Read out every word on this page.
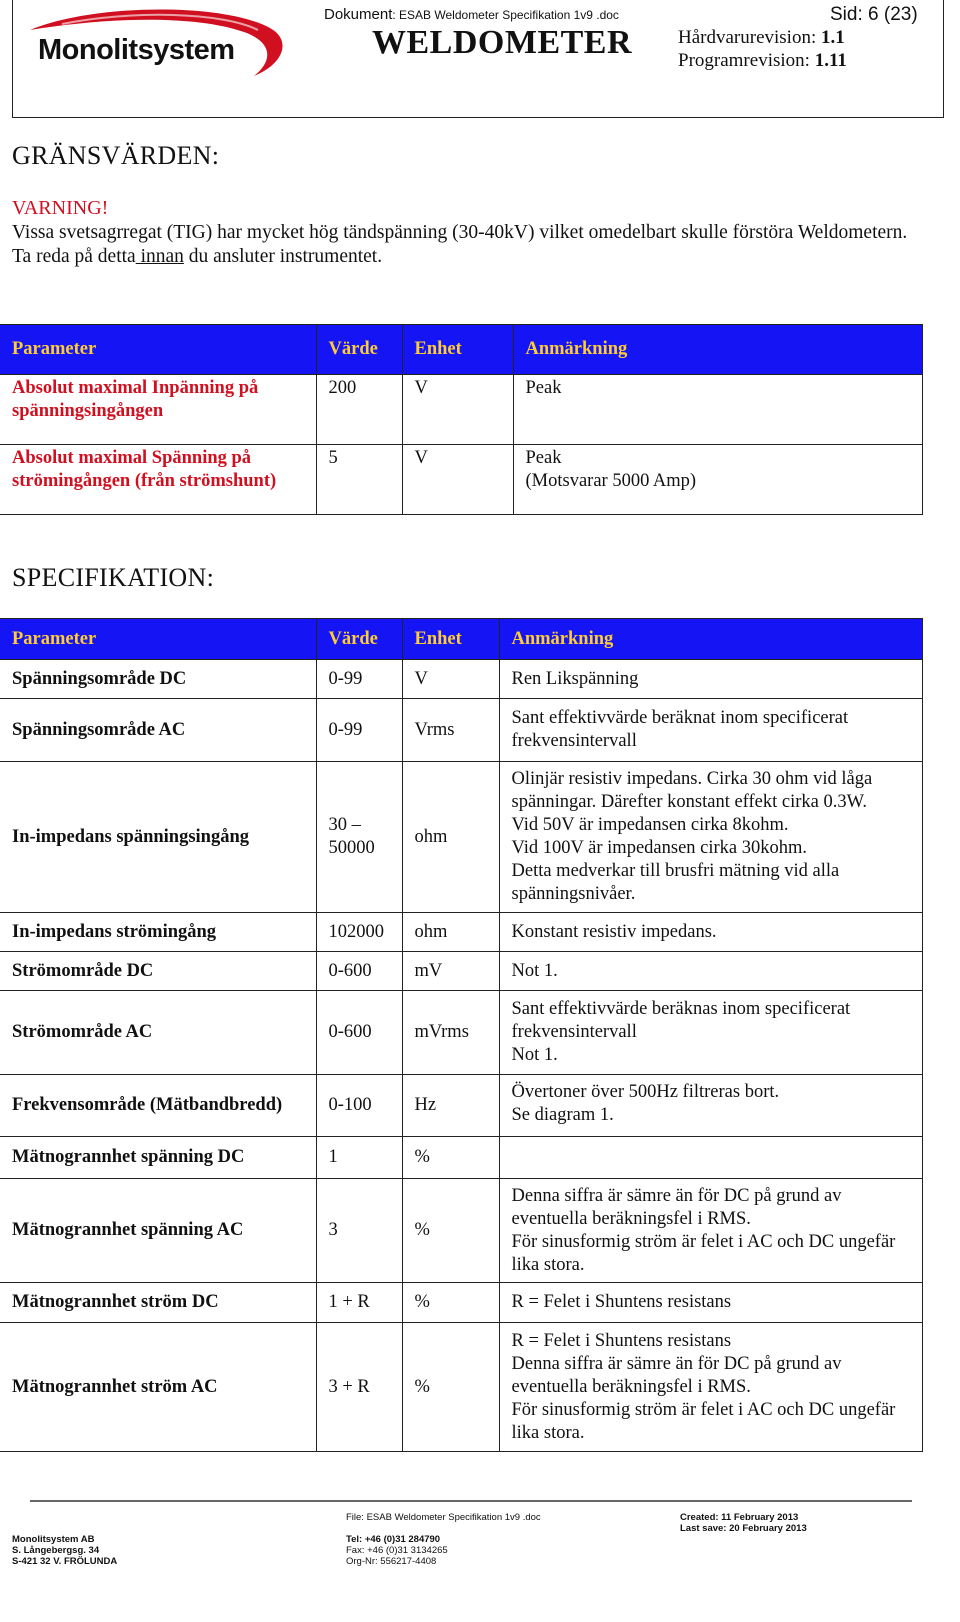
Monolitsystem
Dokument: ESAB Weldometer Specifikation 1v9 .doc
WELDOMETER
Sid: 6 (23)
Hårdvarurevision: 1.1
Programrevision: 1.11
GRÄNSVÄRDEN:
VARNING!
Vissa svetsagrregat (TIG) har mycket hög tändspänning (30-40kV) vilket omedelbart skulle förstöra Weldometern. Ta reda på detta innan du ansluter instrumentet.
Parameter	Värde	Enhet	Anmärkning
Absolut maximal Inpänning på spänningsingången	200	V	Peak
Absolut maximal Spänning på strömingången (från strömshunt)	5	V	Peak
(Motsvarar 5000 Amp)
SPECIFIKATION:
Parameter	Värde	Enhet	Anmärkning
Spänningsområde DC	0-99	V	Ren Likspänning
Spänningsområde AC	0-99	Vrms	Sant effektivvärde beräknat inom specificerat frekvensintervall
In-impedans spänningsingång	30 –
50000	ohm	Olinjär resistiv impedans. Cirka 30 ohm vid låga spänningar. Därefter konstant effekt cirka 0.3W.
Vid 50V är impedansen cirka 8kohm.
Vid 100V är impedansen cirka 30kohm.
Detta medverkar till brusfri mätning vid alla spänningsnivåer.
In-impedans strömingång	102000	ohm	Konstant resistiv impedans.
Strömområde DC	0-600	mV	Not 1.
Strömområde AC	0-600	mVrms	Sant effektivvärde beräknas inom specificerat frekvensintervall
Not 1.
Frekvensområde (Mätbandbredd)	0-100	Hz	Övertoner över 500Hz filtreras bort.
Se diagram 1.
Mätnogrannhet spänning DC	1	%	
Mätnogrannhet spänning AC	3	%	Denna siffra är sämre än för DC på grund av eventuella beräkningsfel i RMS.
För sinusformig ström är felet i AC och DC ungefär lika stora.
Mätnogrannhet ström DC	1 + R	%	R = Felet i Shuntens resistans
Mätnogrannhet ström AC	3 + R	%	R = Felet i Shuntens resistans
Denna siffra är sämre än för DC på grund av eventuella beräkningsfel i RMS.
För sinusformig ström är felet i AC och DC ungefär lika stora.
File: ESAB Weldometer Specifikation 1v9 .doc	Created: 11 February 2013
Last save: 20 February 2013
Monolitsystem AB
S. Långebergsg. 34
S-421 32 V. FRÖLUNDA
Tel: +46 (0)31 284790
Fax: +46 (0)31 3134265
Org-Nr: 556217-4408
